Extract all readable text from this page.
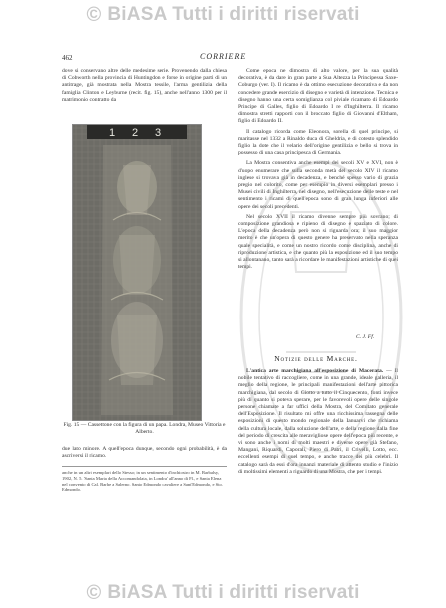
© BiASA Tutti i diritti riservati
462	CORRIERE

dove si conservano altre delle medesime serie. Provenendo dalla chiesa di Cobworth nella provincia di Huntingdon e forse in origine parti di un antitrage, già mostrata nella Mostra tessile, l'arma gentilizia della famiglia Clinton e Leyburne (recit. fig. 15), anche nell'anno 1300 per il matrimonio contratto da

1 2 3
Fig. 15 — Cassettone con la figura di un papa. Londra, Museo Vittoria e Alberto.

due lato minore. A quell'epoca dunque, secondo ogni probabilità, è da ascriversi il ricamo.

anche in un altri esemplari dello Stesso; in un sentimento d'inchiostro in M. Barbalsy, 1902, N. 5. 'Santa Maria della Accomandolata, in Londra' all'anno di Fl., e Santa Elena nel convento di Cal. Barhe a Salerno. Santo Edmondo cavaliere a Sant'Edmondo, e Sto. Edmondo.

Come epoca ne dimostra di alto valore, per la sua qualità decorativa, è da dare in gran parte a Sua Altezza la Principessa Saxe-Coburgo (ver. I). Il ricamo è da ottimo esecuzione decorativa e da non concedere grande esercizio di disegno e varietà di intenzione. Tecnica e disegno hanno una certa somiglianza col piviale ricamato di Edoardo Principe di Galles, figlio di Edoardo I re d'Inghilterra. Il ricamo dimostra stretti rapporti con il broccato figlio di Giovanni d'Eltham, figlio di Edoardo II.

Il catalogo ricorda come Eleonora, sorella di quel principe, si maritasse nel 1332 a Rinaldo duca di Gheldria, e di cotesto splendido figlio la dote che il velario dell'origine gentilizia e bello si trova in possesso di una casa principesca di Germania.

La Mostra consentiva anche esempi dei secoli XV e XVI, non è d'uopo enumerare che sulla seconda metà del secolo XIV il ricamo inglese si trovava già in decadenza, e benché spesso vario di grazia pregio nel colorito, come per esempio in diversi esemplari presso i Musei civili di Inghilterra, nel disegno, nell'esecuzione delle teste e nel sentimento i ricami di quell'epoca sono di gran lunga inferiori alle opere dei secoli precedenti.

Nel secolo XVII il ricamo divenne sempre più sovrano; di composizione grandiosa e ripieno di disegno e spaziato di colore. L'epoca della decadenza però non si riguarda ora; il suo maggior merito è che un'opera di questo genere ha preservato nella speranza quale specialità, e come un nostro ricordo come disciplina, anche di riproduzione artistica, e che quanto più la esposizione ed il suo tempo si allontanano, tanto sarà a ricordare le manifestazioni artistiche di quei tempi.

C. J. Ff.
Notizie delle Marche.

L'antica arte marchigiana all'esposizione di Macerata. — Il nobile tentativo di raccogliere, come in una grande, ideale galleria, il meglio della regione, le principali manifestazioni dell'arte pittorica marchigiana, dal secolo di Giotto a tutto il Cinquecento, fonti invece più di quanto si poteva sperare, per le favorevoli opere delle singole persone chiamate a far uffici della Mostra, del Comitato generale dell'Esposizione. Il risultato mi offre una ricchissima rassegna delle esposizioni di questo mondo regionale della Ianuarvi che richiama della cultura locale, dalla soluzione dell'arte, e della regione dalla fine del periodo di crescita alle meravigliose opere dell'epoca più recente, e vi sono anche i nomi di molti maestri e diverse opere già Stefano, Mangani, Riquardi, Caporali, Piero di Patrì, il Crivelli, Lotto, ecc. eccellenti esempi di quel tempo, e anche tracce dei più celebri. Il catalogo sarà da essi d'ora innanzi materiale di attento studio e l'inizio di moltissimi elementi a riguardo di una Mostra, che per i tempi.

© BiASA Tutti i diritti riservati
